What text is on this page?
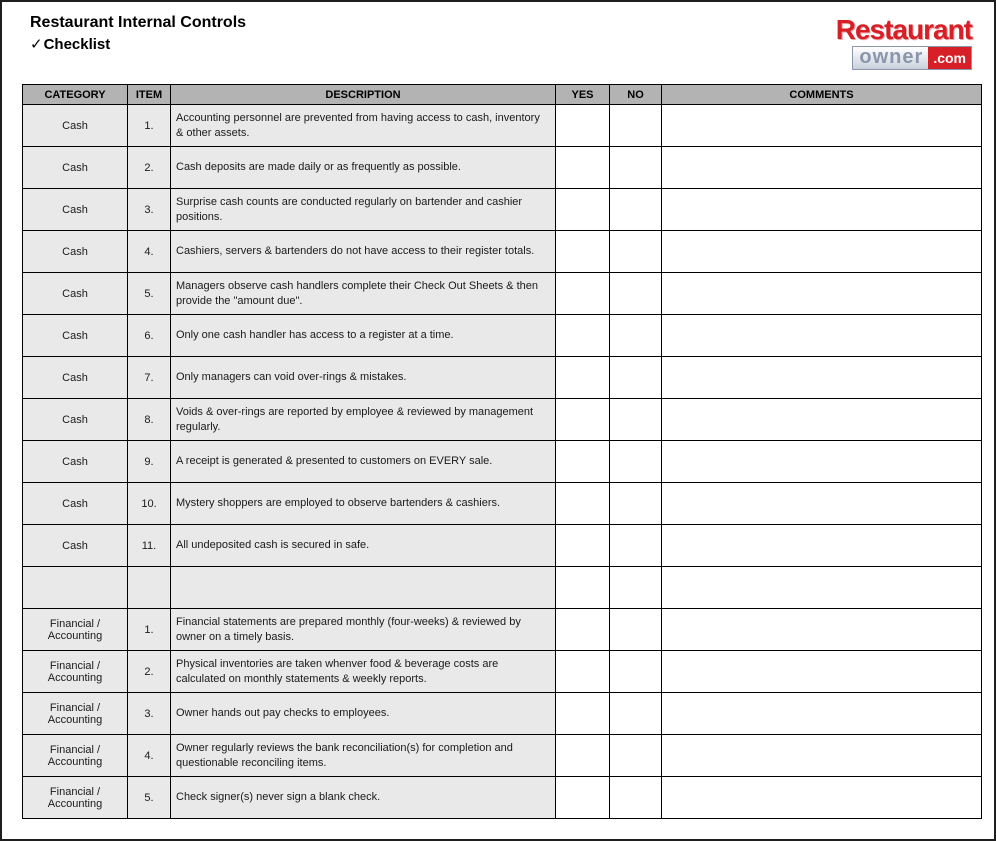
Restaurant Internal Controls
✓Checklist	Restaurant
owner .com
CATEGORY	ITEM	DESCRIPTION	YES	NO	COMMENTS
Cash	1.	Accounting personnel are prevented from having access to cash, inventory & other assets.			
Cash	2.	Cash deposits are made daily or as frequently as possible.			
Cash	3.	Surprise cash counts are conducted regularly on bartender and cashier positions.			
Cash	4.	Cashiers, servers & bartenders do not have access to their register totals.			
Cash	5.	Managers observe cash handlers complete their Check Out Sheets & then provide the "amount due".			
Cash	6.	Only one cash handler has access to a register at a time.			
Cash	7.	Only managers can void over-rings & mistakes.			
Cash	8.	Voids & over-rings are reported by employee & reviewed by management regularly.			
Cash	9.	A receipt is generated & presented to customers on EVERY sale.			
Cash	10.	Mystery shoppers are employed to observe bartenders & cashiers.			
Cash	11.	All undeposited cash is secured in safe.			

Financial / Accounting	1.	Financial statements are prepared monthly (four-weeks) & reviewed by owner on a timely basis.			
Financial / Accounting	2.	Physical inventories are taken whenver food & beverage costs are calculated on monthly statements & weekly reports.			
Financial / Accounting	3.	Owner hands out pay checks to employees.			
Financial / Accounting	4.	Owner regularly reviews the bank reconciliation(s) for completion and questionable reconciling items.			
Financial / Accounting	5.	Check signer(s) never sign a blank check.			
